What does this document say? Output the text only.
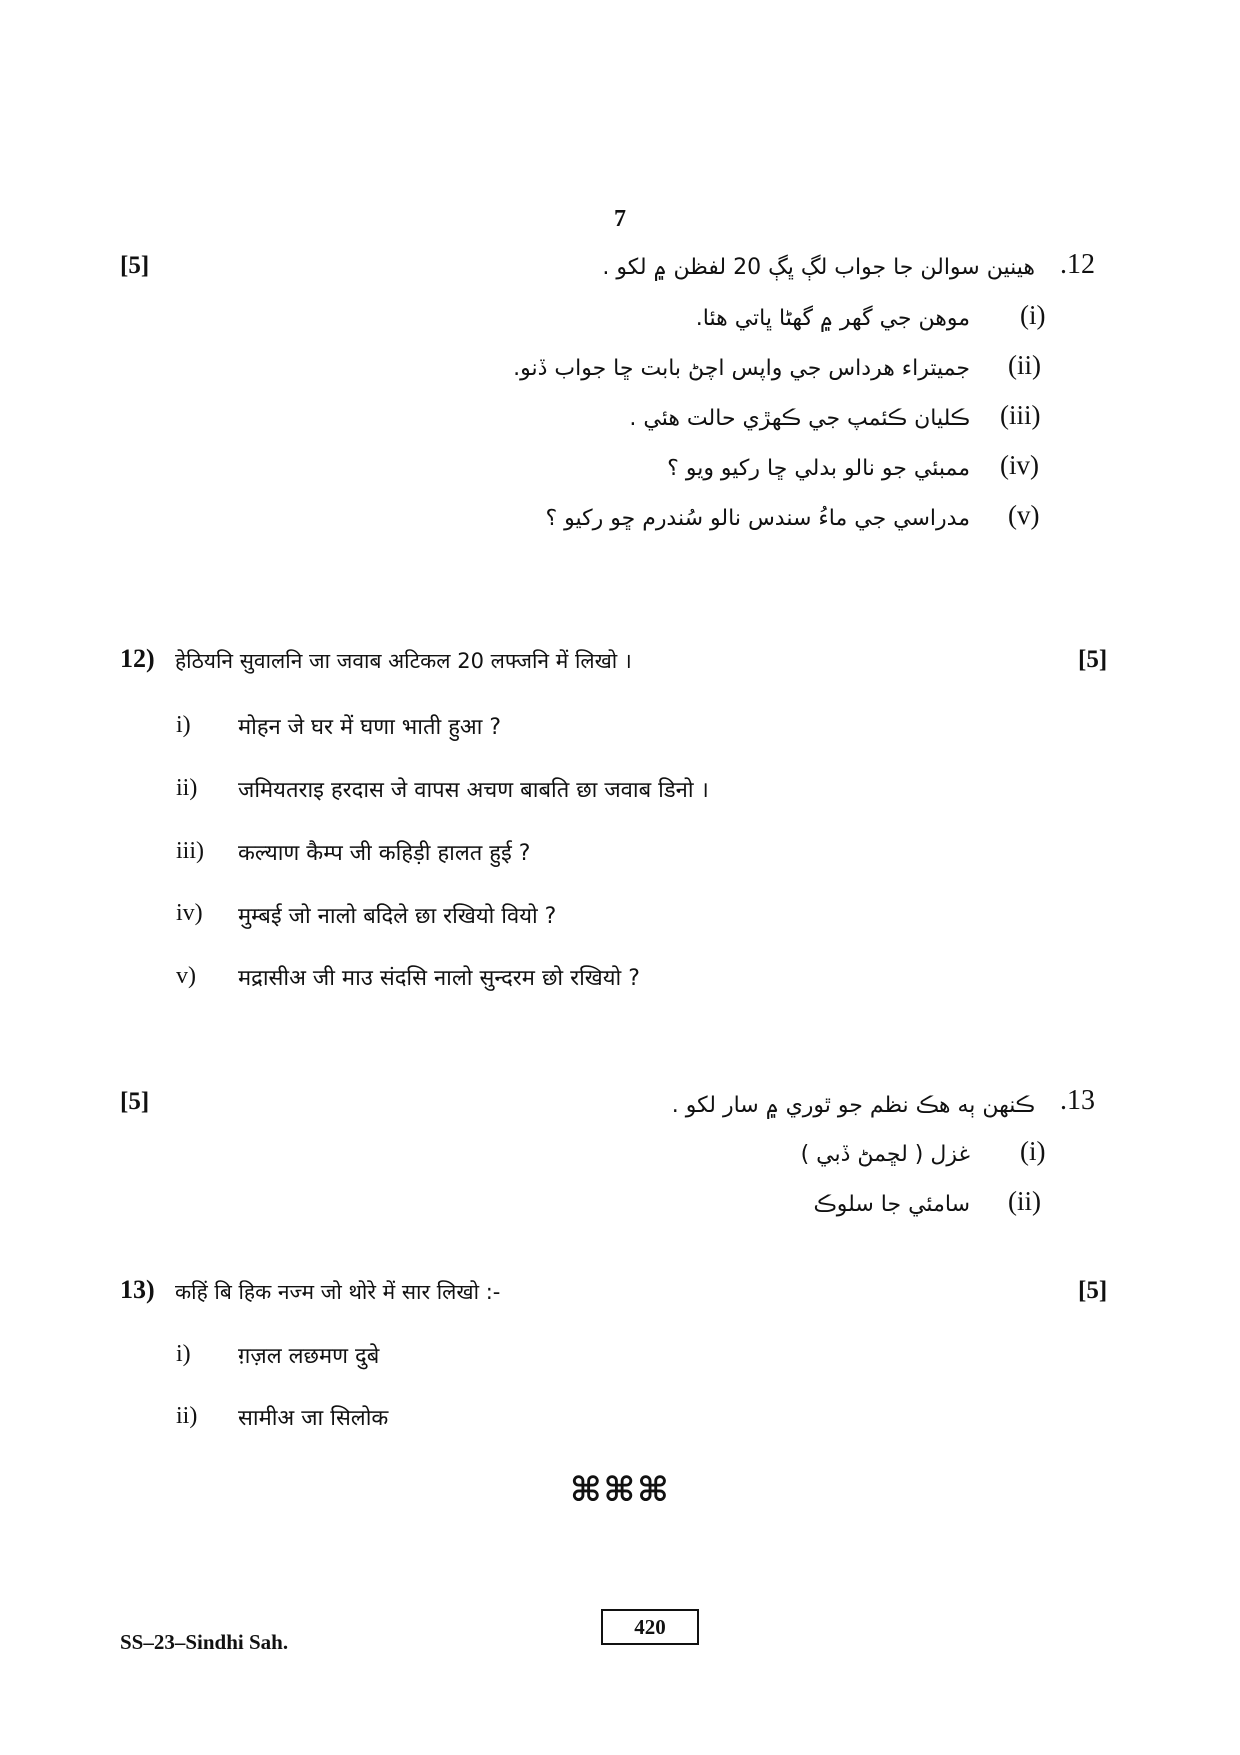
7
[5]	.12
هينين سوالن جا جواب لڳ ڀڳ 20 لفظن ۾ لکو .
(i)
موهن جي گهر ۾ گهڻا ڀاتي هئا.
(ii)
جميتراء هرداس جي واپس اچڻ بابت ڇا جواب ڏنو.
(iii)
ڪليان ڪئمپ جي ڪهڙي حالت هئي .
(iv)
ممبئي جو نالو بدلي ڇا رکيو ويو ؟
(v)
مدراسي جي ماءُ سندس نالو سُندرم ڇو رکيو ؟
12) हेठियनि सुवालनि जा जवाब अटिकल 20 लफ्जनि में लिखो ।	[5]
i) मोहन जे घर में घणा भाती हुआ ?
ii) जमियतराइ हरदास जे वापस अचण बाबति छा जवाब डिनो ।
iii) कल्याण कैम्प जी कहिड़ी हालत हुई ?
iv) मुम्बई जो नालो बदिले छा रखियो वियो ?
v) मद्रासीअ जी माउ संदसि नालो सुन्दरम छो रखियो ?
[5]	.13
ڪنهن ٻه هڪ نظم جو ٿوري ۾ سار لکو .
(i)
غزل ( لڇمڻ ڏبي )
(ii)
سامئي جا سلوڪ
13) कहिं बि हिक नज्म जो थोरे में सार लिखो :-	[5]
i) ग़ज़ल लछमण दुबे
ii) सामीअ जा सिलोक
⌘⌘⌘
SS–23–Sindhi Sah.
420
